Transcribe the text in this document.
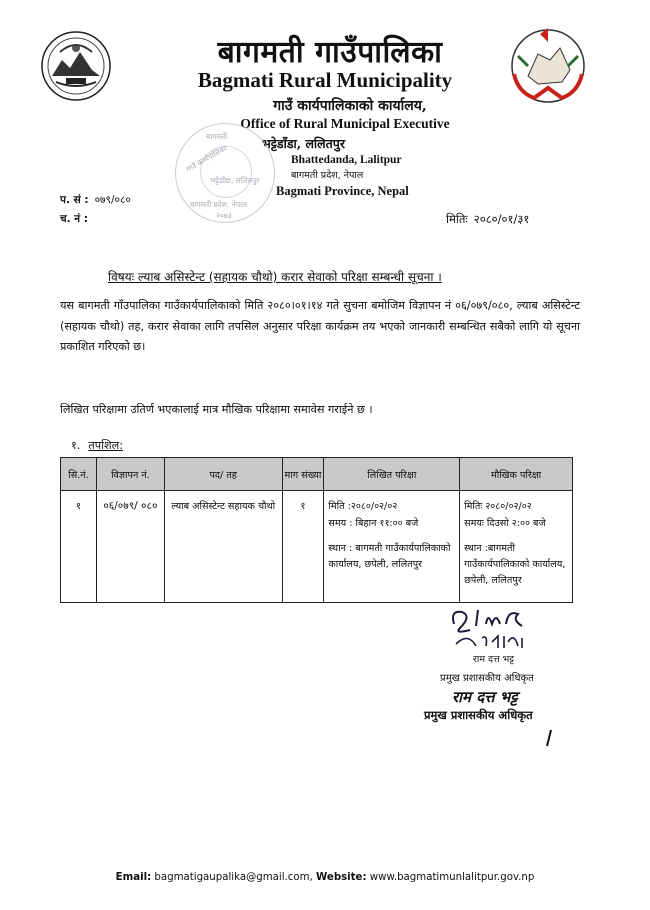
बागमती गाउँपालिका
Bagmati Rural Municipality
गाउँ कार्यपालिकाको कार्यालय,
Office of Rural Municipal Executive
भट्टेडाँडा, ललितपुर
Bhattedanda, Lalitpur
बागमती प्रदेश, नेपाल
Bagmati Province, Nepal
बागमती
गाउँ कार्यपालिका
भट्टेडाँडा, ललितपुर
बागमती प्रदेश, नेपाल
२०७३
प. सं : ०७९/०८०
च. नं :	मितिः २०८०/०१/३१
विषयः ल्याब असिस्टेन्ट (सहायक चौथो) करार सेवाको परिक्षा सम्बन्धी सूचना ।
यस बागमती गाँउपालिका गाउँकार्यपालिकाको मिति २०८०।०१।१४ गते सुचना बमोजिम विज्ञापन नं ०६/०७९/०८०, ल्याब असिस्टेन्ट (सहायक चौथो) तह, करार सेवाका लागि तपसिल अनुसार परिक्षा कार्यक्रम तय भएको जानकारी सम्बन्धित सबैको लागि यो सूचना प्रकाशित गरिएको छ।
लिखित परिक्षामा उतिर्ण भएकालाई मात्र मौखिक परिक्षामा समावेस गराईने छ ।
१. तपशिल:
सि.नं.	विज्ञापन नं.	पद/ तह	माग संख्या	लिखित परिक्षा	मौखिक परिक्षा
१	०६/०७९/ ०८०	ल्याब असिस्टेन्ट सहायक चौथो	१	मिति :२०८०/०२/०२
समय : बिहान ११:०० बजे
स्थान : बागमती गाउँकार्यपालिकाको कार्यालय, छपेली, ललितपुर	मितिः २०८०/०२/०२
समयः दिउसो २:०० बजे
स्थान :बागमती गाउँकार्यपालिकाको कार्यालय, छपेली, ललितपुर
राम दत्त भट्ट
प्रमुख प्रशासकीय अधिकृत
राम दत्त भट्ट
प्रमुख प्रशासकीय अधिकृत
Email: bagmatigaupalika@gmail.com, Website: www.bagmatimunlalitpur.gov.np
